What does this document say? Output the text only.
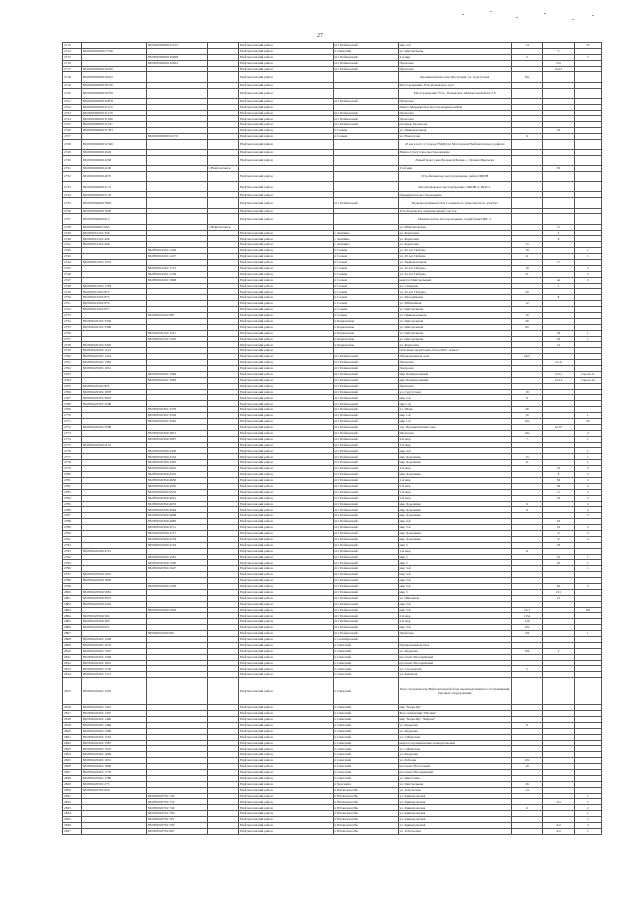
27
2713		86:08:0000000:27212		Нефтеюганский район	пгт Пойковский	мкр 4-й	14		37
2714	86:08:0000000:27746			Нефтеюганский район	п Сингапай	ул. Центральная		5	
2715		86:08:0000000:30298		Нефтеюганский район	пгт Пойковский	3-я мкр	2		7
2716		86:08:0000000:30304		Нефтеюганский район	пгт Пойковский	Промзона		15а	
2717	86:08:0000000:30320			Нефтеюганский район	пгт Пойковский	Промзона		15а/1	
2718	86:08:0000000:30432			Нефтеюганский район		Промышленная зона Пиотровая, ул. Сургутская	б/н		
2719	86:08:0000000:30750			Нефтеюганский район		Месторождение Усть-Балыкское, куст			
2720	86:08:0000000:30756			Нефтеюганский район		Месторождение Усть - Балыкское, Мамонтовский куст 8			
2721	86:08:0000000:30878			Нефтеюганский район	пгт Пойковский	Промзона			
2722	86:08:0000000:31155			Нефтеюганский район		Пывсо-Мардьянское месторождение нефти			
2723	86:08:0000000:31179			Нефтеюганский район	пгт Пойковский	Промзона			
2724	86:08:0000000:31186			Нефтеюганский район	пгт Пойковский	Промзона			
2725	86:08:0000000:31237			Нефтеюганский район	пгт Пойковский	площадь Промзона			
2726	86:08:0000000:31793			Нефтеюганский район	п Салым	ул. Привокзальная		16	
2727		86:08:0000000:32179		Нефтеюганский район	п Салым	ул. Новоселов	9		
2728	86:08:0000000:32346			Нефтеюганский район		43 км к югу от города ГМДЦ по Мостовоми Нефтеюганского района			
2729	86:08:0000000:4529			Нефтеюганский район		Южно-Сургутское месторождение			
2730	86:08:0000000:4536			Нефтеюганский район		Левый берег реки Большой Балык - с Катым-Ирельска			
2731	86:08:0000000:4190		г Нефтеюганск			15-й мкр		65	
2732	86:08:0000000:4675			Нефтеюганский район		Усть-Балыкское месторождение, район ЦППН			
2733	86:08:0000000:5172			Нефтеюганский район		Малобалыкское месторождение, ЦППН-2, ЦПС-1			
2734	86:08:0000000:5176			Нефтеюганский район		Правдинское месторождение			
2735	86:08:0000000:7863			Нефтеюганский район	пгт Пойковский	Производственная база Салымского транспортного участка			
2736	86:08:0000000:7929			Нефтеюганский район		Усть-Балыкское лицензионный участок			
2737	86:08:0000000:913			Нефтеюганский район		Мамонтовское месторождение, территория ЦПС-1			
2738	86:08:0000001:963		г Нефтеюганск			ул. Мамонтовская		11	
2739	86:08:0010101:356			Нефтеюганский район	с Лемпино	ул. Береговая		2	
2740	86:08:0010101:426			Нефтеюганский район	с Лемпино	ул. Береговая		6	
2741	86:08:0010101:428			Нефтеюганский район	с Лемпино	ул. Береговая	7а		
2742		86:08:0010201:1349		Нефтеюганский район	п Салым	ул. 45 лет Победы	18		1
2743		86:08:0010201:1227		Нефтеюганский район	п Салым	ул. 45 лет Победы	11		1
2744	86:08:0010201:1253			Нефтеюганский район	п Салым	ул. Привокзальная		17	
2745		86:08:0010201:1715		Нефтеюганский район	п Салым	ул. 45 лет Победы	19		2
2746		86:08:0010201:1749		Нефтеюганский район	п Салым	ул. 45 лет Победы	21		2
2747		86:08:0010201:1848		Нефтеюганский район	п Салым	квартал Центральный		4а	3
2748	86:08:0010201:1783			Нефтеюганский район	п Салым	ул. Северная		1	
2749	86:08:0010201:872			Нефтеюганский район	п Салым	ул. 45 лет Победы	20		
2750	86:08:0010201:873			Нефтеюганский район	п Салым	ул. Молодёжная		8	
2751	86:08:0010201:876			Нефтеюганский район	п Салым	ул. Юбилейная	12		
2752	86:08:0010201:877			Нефтеюганский район	п Салым	ул. Центральная			
2753		86:08:0010201:887		Нефтеюганский район	п Салым	ул. Привокзальная	16		
2754	86:08:0020101:3336			Нефтеюганский район	п Каркатеевы	ул. Центральная	49		
2755	86:08:0020101:3369			Нефтеюганский район	п Каркатеевы	ул. Центральная	60		
2756		86:08:0020101:3417		Нефтеюганский район	п Каркатеевы	ул. Центральная		18	1
2757		86:08:0020101:3419		Нефтеюганский район	п Каркатеевы	ул. Центральная		18	1
2758	86:08:0020101:3403			Нефтеюганский район	п Каркатеевы	ул. Береговая		12	
2759	86:08:0020201:1122			Нефтеюганский район		Основная территория, база ООО "Алмаз"			
2760	86:08:0020201:1344			Нефтеюганский район	пгт Пойковский	Промышленная зона	2в/5		
2761	86:08:0020201:1382			Нефтеюганский район	пгт Пойковский	Промзона		12-А	
2762	86:08:0020201:1631			Нефтеюганский район	пгт Пойковский	Промзона			
2763		86:08:0020201:1664		Нефтеюганский район	пгт Пойковский	мкр Коммунальный		12/11	строен 11
2764		86:08:0020201:1683		Нефтеюганский район	пгт Пойковский	мкр Коммунальный		12/12	строен 12
2765	86:08:0020201:823			Нефтеюганский район	пгт Пойковский	Промзона			
2766	86:08:0020301:1878			Нефтеюганский район	пгт Пойковский	ул. Сургутская	18		
2767	86:08:0020301:3003			Нефтеюганский район	пгт Пойковский	мкр 2-й	8		
2768	86:08:0020301:3186			Нефтеюганский район	пгт Пойковский	мкр 1-й			
2769		86:08:0020301:3379		Нефтеюганский район	пгт Пойковский	ул. Шорь	26		
2770		86:08:0020301:3564		Нефтеюганский район	пгт Пойковский	мкр 1-й	19		1
2771		86:08:0020301:3562		Нефтеюганский район	пгт Пойковский	мкр 1-й	19а		20
2772	86:08:0020301:3788			Нефтеюганский район	пгт Пойковский	тер. Промышленная зона		зн 37	
2773		86:08:0020304:3851		Нефтеюганский район	пгт Пойковский	Промзона	16а		2
2774		86:08:0020304:3897		Нефтеюганский район	пгт Пойковский	4-й мкр	7		1
2775	86:08:0020304:4133			Нефтеюганский район	пгт Пойковский	3-й мкр			
2776		86:08:0020304:4330		Нефтеюганский район	пгт Пойковский	мкр 4-й			1
2777		86:08:0020304:4354		Нефтеюганский район	пгт Пойковский	мкр Дорожник	15		1
2778		86:08:0020304:4363		Нефтеюганский район	пгт Пойковский	мкр Дорожник	11		1
2779		86:08:0020304:4622		Нефтеюганский район	пгт Пойковский	3-й мкр		16	3
2780		86:08:0020304:4535		Нефтеюганский район	пгт Пойковский	мкр Дорожник		9	2
2781		86:08:0020304:4650		Нефтеюганский район	пгт Пойковский	1-й мкр		56	2
2782		86:08:0020304:4565		Нефтеюганский район	пгт Пойковский	5-й мкр		59	2
2783		86:08:0020304:4553		Нефтеюганский район	пгт Пойковский	5-й мкр		11	2
2784		86:08:0020304:4651		Нефтеюганский район	пгт Пойковский	5-й мкр		16	2
2785		86:08:0020304:4653		Нефтеюганский район	пгт Пойковский	мкр Дорожник	9		2
2786		86:08:0020304:4664		Нефтеюганский район	пгт Пойковский	мкр Дорожник	9		2
2787		86:08:0020304:4668		Нефтеюганский район	пгт Пойковский	мкр Дорожник			3
2788		86:08:0020304:4685		Нефтеюганский район	пгт Пойковский	мкр 4-й		16	
2789		86:08:0020304:4711		Нефтеюганский район	пгт Пойковский	мкр 5-й		19	2
2790		86:08:0020304:4717		Нефтеюганский район	пгт Пойковский	мкр Дорожник		9	2
2791		86:08:0020304:4718		Нефтеюганский район	пгт Пойковский	мкр Дорожник		9	2
2792		86:08:0020304:4719		Нефтеюганский район	пгт Пойковский	мкр 5		18	
2793	86:08:0020304:4721			Нефтеюганский район	пгт Пойковский	1-й мкр	11		
2794		86:08:0020304:1581		Нефтеюганский район	пгт Пойковский	мкр 5		16	1
2795		86:08:0020304:1590		Нефтеюганский район	пгт Пойковский	мкр 5		16	1
2796		86:08:0020304:1627		Нефтеюганский район	пгт Пойковский	мкр 3-й			1
2797	86:08:0020304:1641			Нефтеюганский район	пгт Пойковский	мкр 3-й			
2798	86:08:0020304:1856			Нефтеюганский район	пгт Пойковский	мкр 3-й			
2799		86:08:0020304:1959		Нефтеюганский район	пгт Пойковский	мкр 3-й		49	2
2800	86:08:0020304:5681			Нефтеюганский район	пгт Пойковский	мкр 5		101	
2801	86:08:0020304:5874			Нефтеюганский район	пгт Пойковский	ул. Школьная		21	
2802	86:08:0020304:5416			Нефтеюганский район	пгт Пойковский	мкр 3-й			
2803		86:08:0020304:2063		Нефтеюганский район	пгт Пойковский	мкр 3-й	16/1		102
2804	86:08:0020304:394			Нефтеюганский район	пгт Пойковский	2-й мкр	115а		
2805	86:08:0020304:383			Нефтеюганский район	пгт Пойковский	2-й мкр	120		
2806	86:08:0020304:931			Нефтеюганский район	пгт Пойковский	мкр 3-й	16а		
2807		86:08:0020304:961		Нефтеюганский район	пгт Пойковский	Промзона	3/6		1
2808	86:08:0020401:1209			Нефтеюганский район	п Сентябрьский				
2809	86:08:0020401:1674			Нефтеюганский район	п Сингапай	Промышленная база			
2810	86:08:0020401:1307			Нефтеюганский район	п Сингапай	ул. Кедровая	16б	3	
2811	86:08:0020401:1596			Нефтеюганский район	п Сингапай	проспект Молодёжный			
2812	86:08:0020401:1601			Нефтеюганский район	п Сингапай	проспект Молодёжный			
2813	86:08:0020401:1702			Нефтеюганский район	п Сингапай	ул. Строителей	5		
2814	86:08:0020401:1715			Нефтеюганский район	п Сингапай	ул. Звёздная			
2815	86:08:0020401:1418			Нефтеюганский район	п Сингапай	База строительства Нефтеюганской базы производственного обслуживания буровых оборудования			
2816	86:08:0020401:1445			Нефтеюганский район	п Сингапай	мкр "Кеды-Яр"			
2817	86:08:0020401:1407			Нефтеюганский район	п Сингапай	База снабжения "Нагиме"			
2818	86:08:0020401:1460			Нефтеюганский район	п Сингапай	мкр "Кеды-Яр" "Кирова"			
2819	86:08:0020401:1469			Нефтеюганский район	п Сингапай	ул. Кедровая	8		
2820	86:08:0020401:1499			Нефтеюганский район	п Сингапай	ул. Кедровая			
2821	86:08:0020401:1510			Нефтеюганский район	п Сингапай	ул. Сибирская			
2822	86:08:0020401:1587			Нефтеюганский район	п Сингапай	квартал промышленно-коммунальный			
2823	86:08:0020401:1545			Нефтеюганский район	п Сингапай	ул. Сибирская			
2824	86:08:0020401:1606			Нефтеюганский район	п Сингапай	ул. Кедровая			
2825	86:08:0020401:1651			Нефтеюганский район	п Сингапай	ул. Рабочая	101		
2826	86:08:0020401:1660			Нефтеюганский район	п Сингапай	проспект Восточный	16		
2827	86:08:0020401:1779			Нефтеюганский район	п Сингапай	проспект Молодёжный			
2828	86:08:0020401:1780			Нефтеюганский район	п Сингапай	ул. Цветочная			
2829	86:08:0020501:273			Нефтеюганский район	п Чеускино	ул. Центральная	26		
2830	86:08:0020701:620			Нефтеюганский район	п Юганская Обь	ул. Тобольская	14		
2831		86:08:0020701:744		Нефтеюганский район	п Юганская Обь	ул. Криворожская			1
2832		86:08:0020701:743		Нефтеюганский район	п Юганская Обь	ул. Криворожская		3/4	1
2833		86:08:0020701:749		Нефтеюганский район	п Юганская Обь	ул. Криворожская	6		2
2834		86:08:0020701:760		Нефтеюганский район	п Юганская Обь	ул. Криворожская			1
2835		86:08:0020701:761		Нефтеюганский район	п Юганская Обь	ул. Криворожская			1
2836		86:08:0020701:790		Нефтеюганский район	п Юганская Обь	ул. Криворожская		4/4	3
2837		86:08:0020701:801		Нефтеюганский район	п Юганская Обь	ул. Тобольская		4/4	1
